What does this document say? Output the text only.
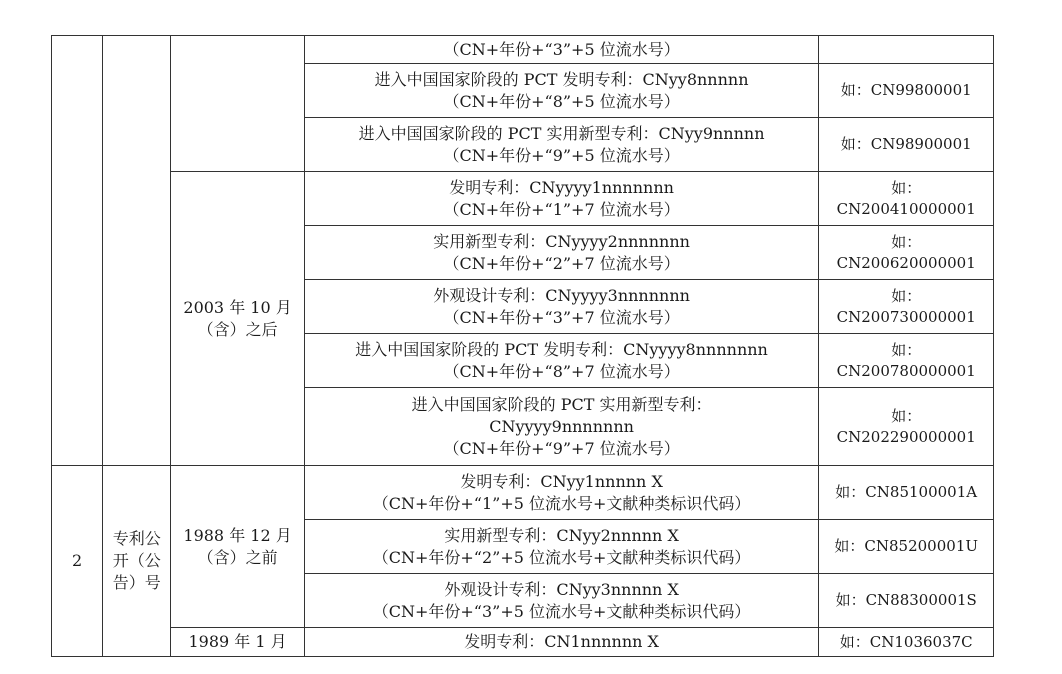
			（CN+年份+“3”+5 位流水号）	

			进入中国国家阶段的 PCT 发明专利：CNyy8nnnnn
（CN+年份+“8”+5 位流水号）	如：CN99800001

			进入中国国家阶段的 PCT 实用新型专利：CNyy9nnnnn
（CN+年份+“9”+5 位流水号）	如：CN98900001

		2003 年 10 月
（含）之后	发明专利：CNyyyy1nnnnnnn
（CN+年份+“1”+7 位流水号）	如：
CN200410000001

			实用新型专利：CNyyyy2nnnnnnn
（CN+年份+“2”+7 位流水号）	如：
CN200620000001

			外观设计专利：CNyyyy3nnnnnnn
（CN+年份+“3”+7 位流水号）	如：
CN200730000001

			进入中国国家阶段的 PCT 发明专利：CNyyyy8nnnnnnn
（CN+年份+“8”+7 位流水号）	如：
CN200780000001

			进入中国国家阶段的 PCT 实用新型专利：
CNyyyy9nnnnnnn
（CN+年份+“9”+7 位流水号）	如：
CN202290000001

2	专利公
开（公
告）号	1988 年 12 月
（含）之前	发明专利：CNyy1nnnnn X
（CN+年份+“1”+5 位流水号+文献种类标识代码）	如：CN85100001A

			实用新型专利：CNyy2nnnnn X
（CN+年份+“2”+5 位流水号+文献种类标识代码）	如：CN85200001U

			外观设计专利：CNyy3nnnnn X
（CN+年份+“3”+5 位流水号+文献种类标识代码）	如：CN88300001S

		1989 年 1 月	发明专利：CN1nnnnnn X	如：CN1036037C
